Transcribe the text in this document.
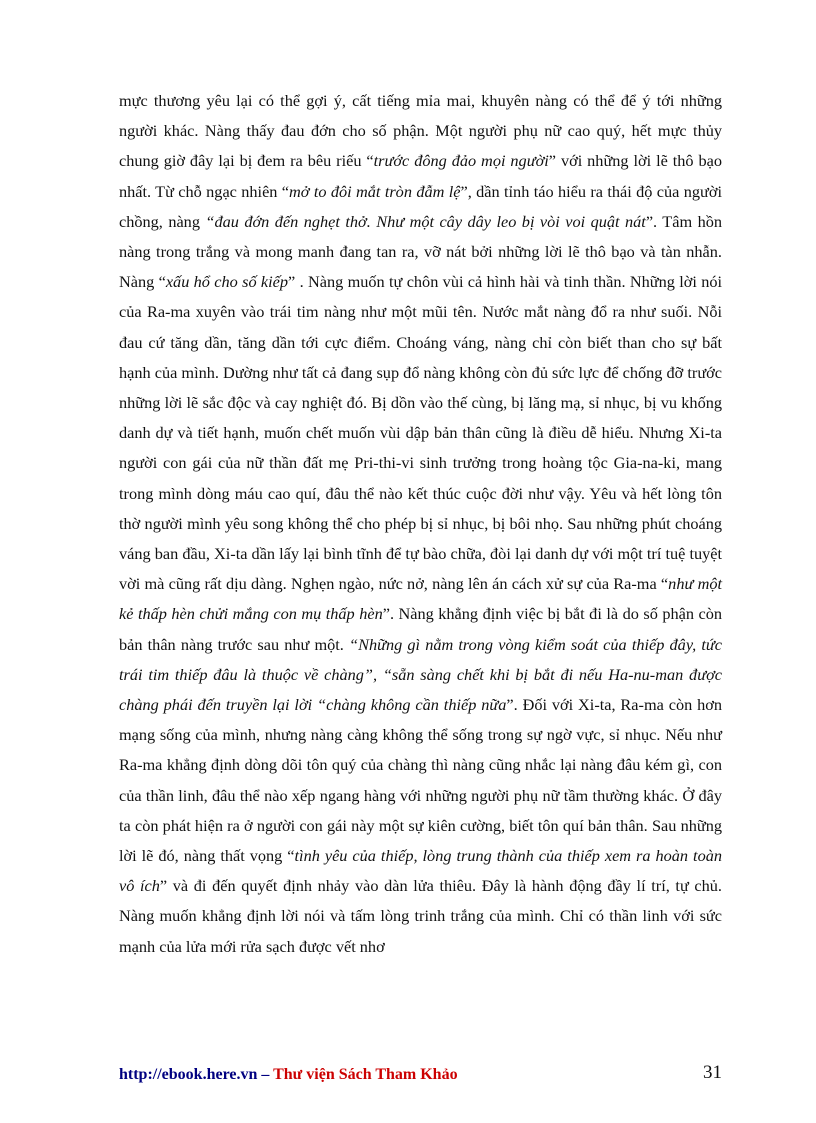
mực thương yêu lại có thể gợi ý, cất tiếng mỉa mai, khuyên nàng có thể để ý tới những người khác. Nàng thấy đau đớn cho số phận. Một người phụ nữ cao quý, hết mực thủy chung giờ đây lại bị đem ra bêu riếu “trước đông đảo mọi người” với những lời lẽ thô bạo nhất. Từ chỗ ngạc nhiên “mở to đôi mắt tròn đẫm lệ”, dần tỉnh táo hiểu ra thái độ của người chồng, nàng “đau đớn đến nghẹt thở. Như một cây dây leo bị vòi voi quật nát”. Tâm hồn nàng trong trắng và mong manh đang tan ra, vỡ nát bởi những lời lẽ thô bạo và tàn nhẫn. Nàng “xấu hổ cho số kiếp” . Nàng muốn tự chôn vùi cả hình hài và tinh thần. Những lời nói của Ra-ma xuyên vào trái tim nàng như một mũi tên. Nước mắt nàng đổ ra như suối. Nỗi đau cứ tăng dần, tăng dần tới cực điểm. Choáng váng, nàng chỉ còn biết than cho sự bất hạnh của mình. Dường như tất cả đang sụp đổ nàng không còn đủ sức lực để chống đỡ trước những lời lẽ sắc độc và cay nghiệt đó. Bị dồn vào thế cùng, bị lăng mạ, sỉ nhục, bị vu khống danh dự và tiết hạnh, muốn chết muốn vùi dập bản thân cũng là điều dễ hiểu. Nhưng Xi-ta người con gái của nữ thần đất mẹ Pri-thi-vi sinh trưởng trong hoàng tộc Gia-na-ki, mang trong mình dòng máu cao quí, đâu thể nào kết thúc cuộc đời như vậy. Yêu và hết lòng tôn thờ người mình yêu song không thể cho phép bị sỉ nhục, bị bôi nhọ. Sau những phút choáng váng ban đầu, Xi-ta dần lấy lại bình tĩnh để tự bào chữa, đòi lại danh dự với một trí tuệ tuyệt vời mà cũng rất dịu dàng. Nghẹn ngào, nức nở, nàng lên án cách xử sự của Ra-ma “như một kẻ thấp hèn chửi mắng con mụ thấp hèn”. Nàng khẳng định việc bị bắt đi là do số phận còn bản thân nàng trước sau như một. “Những gì nằm trong vòng kiểm soát của thiếp đây, tức trái tim thiếp đâu là thuộc về chàng”, “sẵn sàng chết khi bị bắt đi nếu Ha-nu-man được chàng phái đến truyền lại lời “chàng không cần thiếp nữa”. Đối với Xi-ta, Ra-ma còn hơn mạng sống của mình, nhưng nàng càng không thể sống trong sự ngờ vực, sỉ nhục. Nếu như Ra-ma khẳng định dòng dõi tôn quý của chàng thì nàng cũng nhắc lại nàng đâu kém gì, con của thần linh, đâu thể nào xếp ngang hàng với những người phụ nữ tầm thường khác. Ở đây ta còn phát hiện ra ở người con gái này một sự kiên cường, biết tôn quí bản thân. Sau những lời lẽ đó, nàng thất vọng “tình yêu của thiếp, lòng trung thành của thiếp xem ra hoàn toàn vô ích” và đi đến quyết định nhảy vào dàn lửa thiêu. Đây là hành động đầy lí trí, tự chủ. Nàng muốn khẳng định lời nói và tấm lòng trinh trắng của mình. Chỉ có thần linh với sức mạnh của lửa mới rửa sạch được vết nhơ

http://ebook.here.vn – Thư viện Sách Tham Khảo	31
